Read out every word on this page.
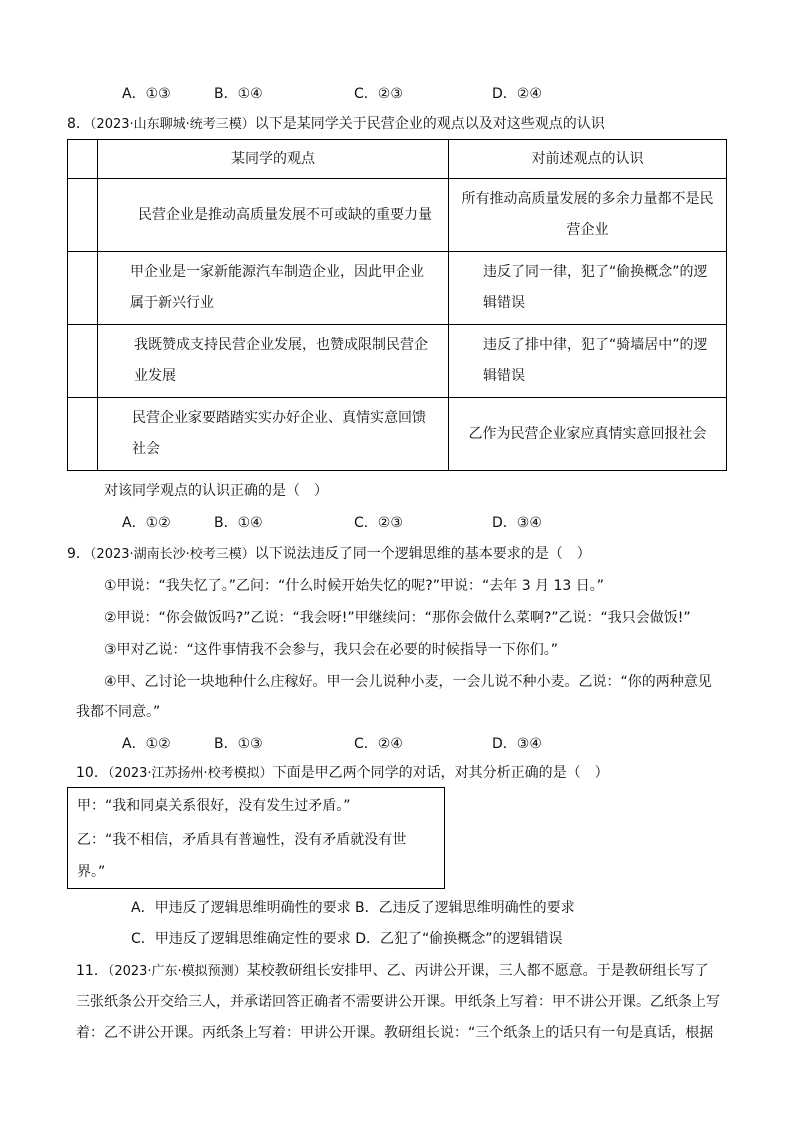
A．①③	B．①④	C．②③	D．②④
8．（2023·山东聊城·统考三模）以下是某同学关于民营企业的观点以及对这些观点的认识
	某同学的观点	对前述观点的认识

	民营企业是推动高质量发展不可或缺的重要力量	所有推动高质量发展的多余力量都不是民营企业

	甲企业是一家新能源汽车制造企业，因此甲企业属于新兴行业	违反了同一律，犯了“偷换概念”的逻辑错误

	我既赞成支持民营企业发展，也赞成限制民营企业发展	违反了排中律，犯了“骑墙居中”的逻辑错误

	民营企业家要踏踏实实办好企业、真情实意回馈社会	乙作为民营企业家应真情实意回报社会
对该同学观点的认识正确的是（　）
A．①②	B．①④	C．②③	D．③④
9．（2023·湖南长沙·校考三模）以下说法违反了同一个逻辑思维的基本要求的是（　）
①甲说：“我失忆了。”乙问：“什么时候开始失忆的呢?”甲说：“去年 3 月 13 日。”
②甲说：“你会做饭吗?”乙说：“我会呀!”甲继续问：“那你会做什么菜啊?”乙说：“我只会做饭!”
③甲对乙说：“这件事情我不会参与，我只会在必要的时候指导一下你们。”
④甲、乙讨论一块地种什么庄稼好。甲一会儿说种小麦，一会儿说不种小麦。乙说：“你的两种意见
我都不同意。”
A．①②	B．①③	C．②④	D．③④
10．（2023·江苏扬州·校考模拟）下面是甲乙两个同学的对话，对其分析正确的是（　）
甲：“我和同桌关系很好，没有发生过矛盾。”
乙：“我不相信，矛盾具有普遍性，没有矛盾就没有世
界。”
A．甲违反了逻辑思维明确性的要求 B．乙违反了逻辑思维明确性的要求
C．甲违反了逻辑思维确定性的要求 D．乙犯了“偷换概念”的逻辑错误
11．（2023·广东·模拟预测）某校教研组长安排甲、乙、丙讲公开课，三人都不愿意。于是教研组长写了
三张纸条公开交给三人，并承诺回答正确者不需要讲公开课。甲纸条上写着：甲不讲公开课。乙纸条上写
着：乙不讲公开课。丙纸条上写着：甲讲公开课。教研组长说：“三个纸条上的话只有一句是真话，根据
